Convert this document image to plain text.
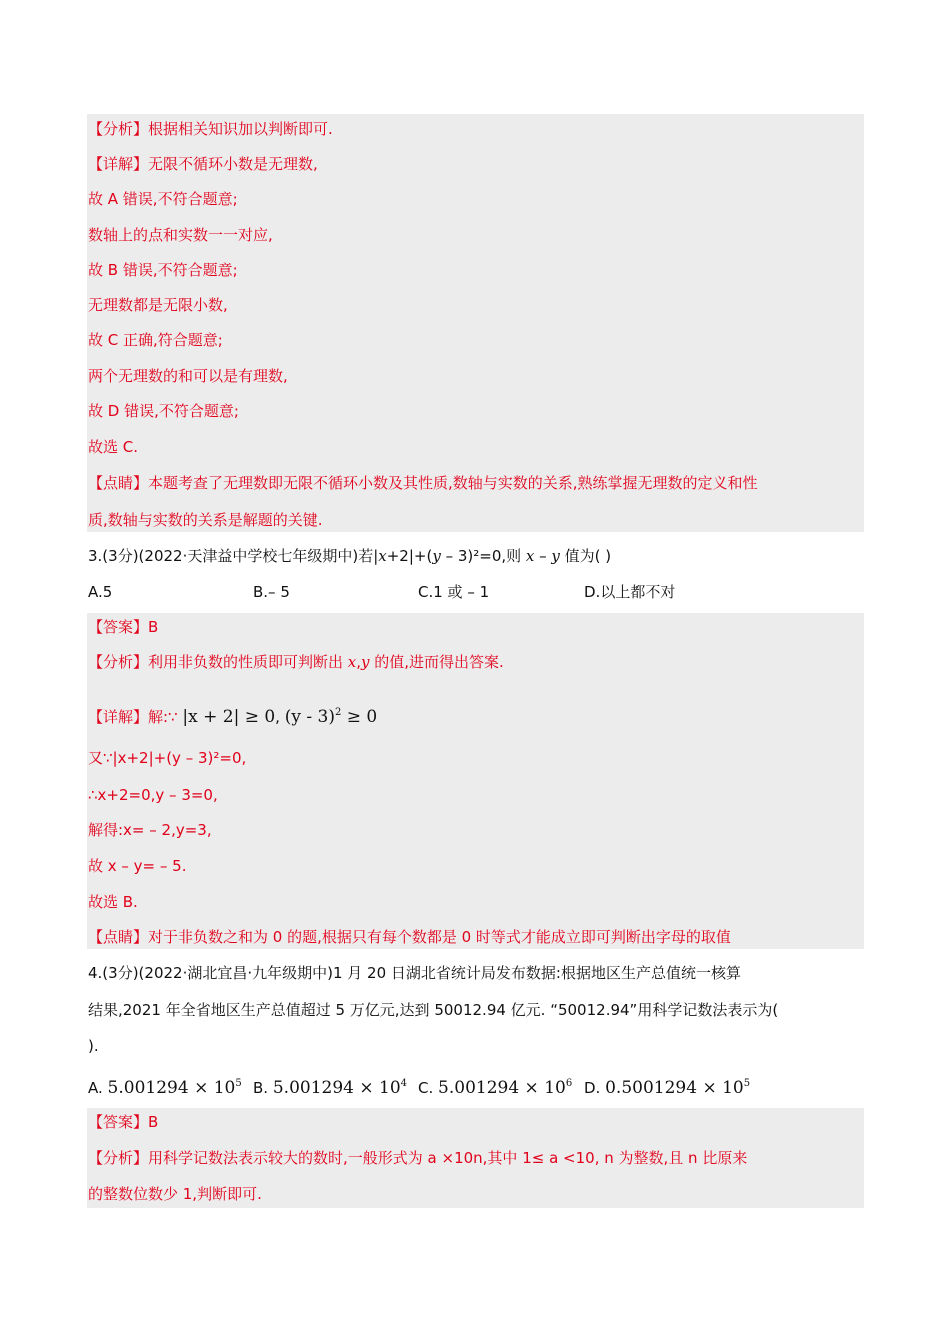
【分析】根据相关知识加以判断即可.
【详解】无限不循环小数是无理数,
故 A 错误,不符合题意;
数轴上的点和实数一一对应,
故 B 错误,不符合题意;
无理数都是无限小数,
故 C 正确,符合题意;
两个无理数的和可以是有理数,
故 D 错误,不符合题意;
故选 C.
【点睛】本题考查了无理数即无限不循环小数及其性质,数轴与实数的关系,熟练掌握无理数的定义和性
质,数轴与实数的关系是解题的关键.
3.(3分)(2022·天津益中学校七年级期中)若|x+2|+(y – 3)²=0,则 x – y 值为( )
A.5	B.– 5	C.1 或 – 1	D.以上都不对
【答案】B
【分析】利用非负数的性质即可判断出 x,y 的值,进而得出答案.
【详解】解:∵ |x + 2| ≥ 0, (y - 3)$^2$ ≥ 0
又∵|x+2|+(y – 3)²=0,
∴x+2=0,y – 3=0,
解得:x= – 2,y=3,
故 x – y= – 5.
故选 B.
【点睛】对于非负数之和为 0 的题,根据只有每个数都是 0 时等式才能成立即可判断出字母的取值
4.(3分)(2022·湖北宜昌·九年级期中)1 月 20 日湖北省统计局发布数据:根据地区生产总值统一核算
结果,2021 年全省地区生产总值超过 5 万亿元,达到 50012.94 亿元. “50012.94”用科学记数法表示为(
).
A. $5.001294 \times 10^5$ B. $5.001294 \times 10^4$ C. $5.001294 \times 10^6$ D. $0.5001294 \times 10^5$
【答案】B
【分析】用科学记数法表示较大的数时,一般形式为 a ×10n,其中 1≤ a <10, n 为整数,且 n 比原来
的整数位数少 1,判断即可.
